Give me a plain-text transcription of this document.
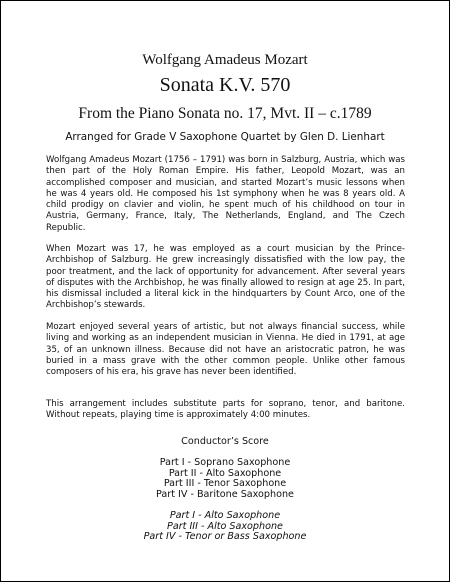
Wolfgang Amadeus Mozart
Sonata K.V. 570
From the Piano Sonata no. 17, Mvt. II – c.1789
Arranged for Grade V Saxophone Quartet by Glen D. Lienhart

Wolfgang Amadeus Mozart (1756 – 1791) was born in Salzburg, Austria, which was then part of the Holy Roman Empire. His father, Leopold Mozart, was an accomplished composer and musician, and started Mozart’s music lessons when he was 4 years old. He composed his 1st symphony when he was 8 years old. A child prodigy on clavier and violin, he spent much of his childhood on tour in Austria, Germany, France, Italy, The Netherlands, England, and The Czech Republic.

When Mozart was 17, he was employed as a court musician by the Prince-Archbishop of Salzburg. He grew increasingly dissatisfied with the low pay, the poor treatment, and the lack of opportunity for advancement. After several years of disputes with the Archbishop, he was finally allowed to resign at age 25. In part, his dismissal included a literal kick in the hindquarters by Count Arco, one of the Archbishop’s stewards.

Mozart enjoyed several years of artistic, but not always financial success, while living and working as an independent musician in Vienna. He died in 1791, at age 35, of an unknown illness. Because did not have an aristocratic patron, he was buried in a mass grave with the other common people. Unlike other famous composers of his era, his grave has never been identified.

This arrangement includes substitute parts for soprano, tenor, and baritone. Without repeats, playing time is approximately 4:00 minutes.

Conductor’s Score
Part I - Soprano Saxophone
Part II - Alto Saxophone
Part III - Tenor Saxophone
Part IV - Baritone Saxophone
Part I - Alto Saxophone
Part III - Alto Saxophone
Part IV - Tenor or Bass Saxophone
